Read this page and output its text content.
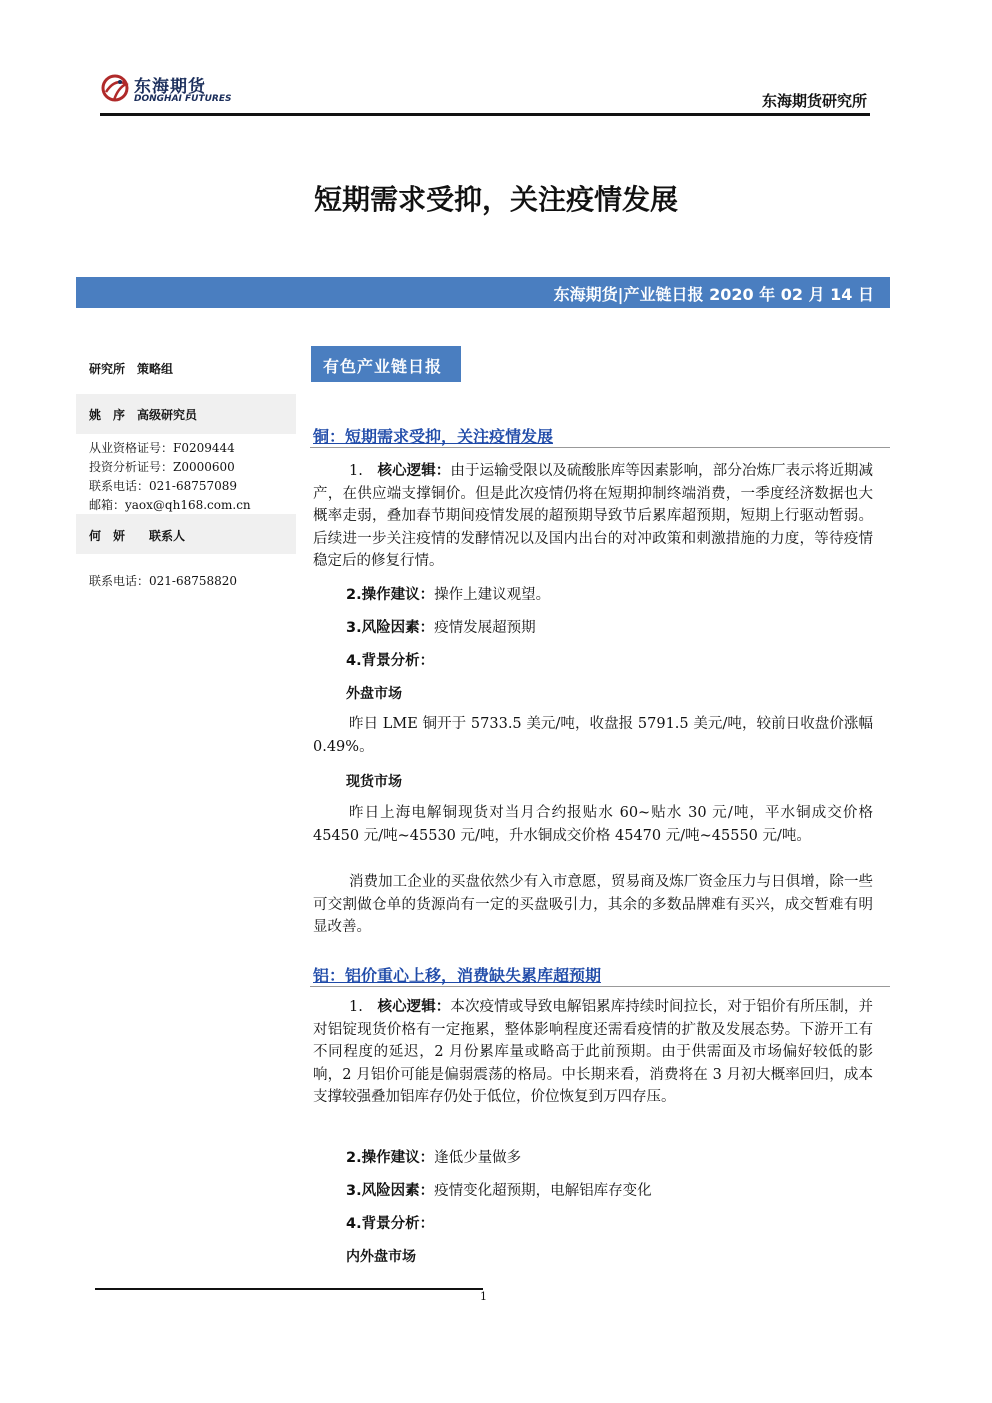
东海期货
DONGHAI FUTURES	东海期货研究所
短期需求受抑，关注疫情发展
东海期货|产业链日报 2020 年 02 月 14 日
研究所　策略组
姚　序　高级研究员
从业资格证号：F0209444
投资分析证号：Z0000600
联系电话：021-68757089
邮箱：yaox@qh168.com.cn
何　妍　　联系人
联系电话：021-68758820
有色产业链日报
铜：短期需求受抑，关注疫情发展
1.　 核心逻辑：由于运输受限以及硫酸胀库等因素影响，部分冶炼厂表示将近期减产，在供应端支撑铜价。但是此次疫情仍将在短期抑制终端消费，一季度经济数据也大概率走弱，叠加春节期间疫情发展的超预期导致节后累库超预期，短期上行驱动暂弱。后续进一步关注疫情的发酵情况以及国内出台的对冲政策和刺激措施的力度，等待疫情稳定后的修复行情。
2.操作建议：操作上建议观望。
3.风险因素：疫情发展超预期
4.背景分析：
外盘市场
昨日 LME 铜开于 5733.5 美元/吨，收盘报 5791.5 美元/吨，较前日收盘价涨幅 0.49%。
现货市场
昨日上海电解铜现货对当月合约报贴水 60~贴水 30 元/吨，平水铜成交价格 45450 元/吨~45530 元/吨，升水铜成交价格 45470 元/吨~45550 元/吨。
消费加工企业的买盘依然少有入市意愿，贸易商及炼厂资金压力与日俱增，除一些可交割做仓单的货源尚有一定的买盘吸引力，其余的多数品牌难有买兴，成交暂难有明显改善。
铝：铝价重心上移，消费缺失累库超预期
1.　 核心逻辑：本次疫情或导致电解铝累库持续时间拉长，对于铝价有所压制，并对铝锭现货价格有一定拖累，整体影响程度还需看疫情的扩散及发展态势。下游开工有不同程度的延迟，2 月份累库量或略高于此前预期。由于供需面及市场偏好较低的影响，2 月铝价可能是偏弱震荡的格局。中长期来看，消费将在 3 月初大概率回归，成本支撑较强叠加铝库存仍处于低位，价位恢复到万四存压。
2.操作建议：逢低少量做多
3.风险因素：疫情变化超预期，电解铝库存变化
4.背景分析：
内外盘市场
1
